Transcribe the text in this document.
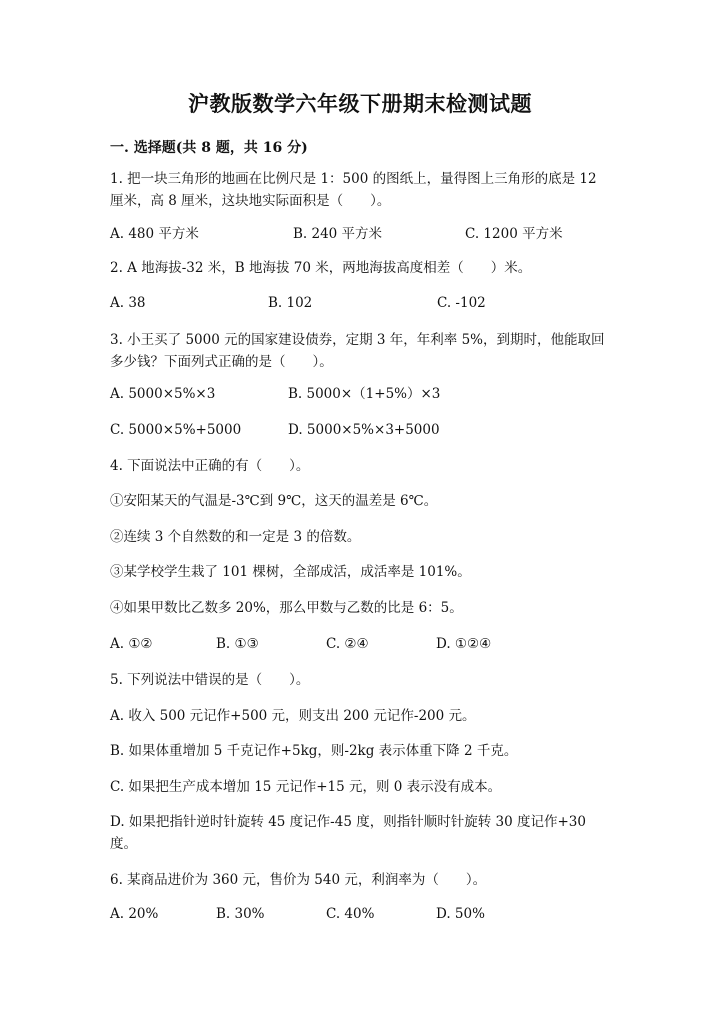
沪教版数学六年级下册期末检测试题
一. 选择题(共 8 题，共 16 分)
1. 把一块三角形的地画在比例尺是 1：500 的图纸上，量得图上三角形的底是 12 厘米，高 8 厘米，这块地实际面积是（　　）。
A. 480 平方米	B. 240 平方米	C. 1200 平方米
2. A 地海拔-32 米，B 地海拔 70 米，两地海拔高度相差（　　）米。
A. 38	B. 102	C. -102
3. 小王买了 5000 元的国家建设债券，定期 3 年，年利率 5%，到期时，他能取回多少钱？下面列式正确的是（　　）。
A. 5000×5%×3	B. 5000×（1+5%）×3
C. 5000×5%+5000	D. 5000×5%×3+5000
4. 下面说法中正确的有（　　）。
①安阳某天的气温是-3℃到 9℃，这天的温差是 6℃。
②连续 3 个自然数的和一定是 3 的倍数。
③某学校学生栽了 101 棵树，全部成活，成活率是 101%。
④如果甲数比乙数多 20%，那么甲数与乙数的比是 6：5。
A. ①②	B. ①③	C. ②④	D. ①②④
5. 下列说法中错误的是（　　）。
A. 收入 500 元记作+500 元，则支出 200 元记作-200 元。
B. 如果体重增加 5 千克记作+5kg，则-2kg 表示体重下降 2 千克。
C. 如果把生产成本增加 15 元记作+15 元，则 0 表示没有成本。
D. 如果把指针逆时针旋转 45 度记作-45 度，则指针顺时针旋转 30 度记作+30 度。
6. 某商品进价为 360 元，售价为 540 元，利润率为（　　）。
A. 20%	B. 30%	C. 40%	D. 50%
